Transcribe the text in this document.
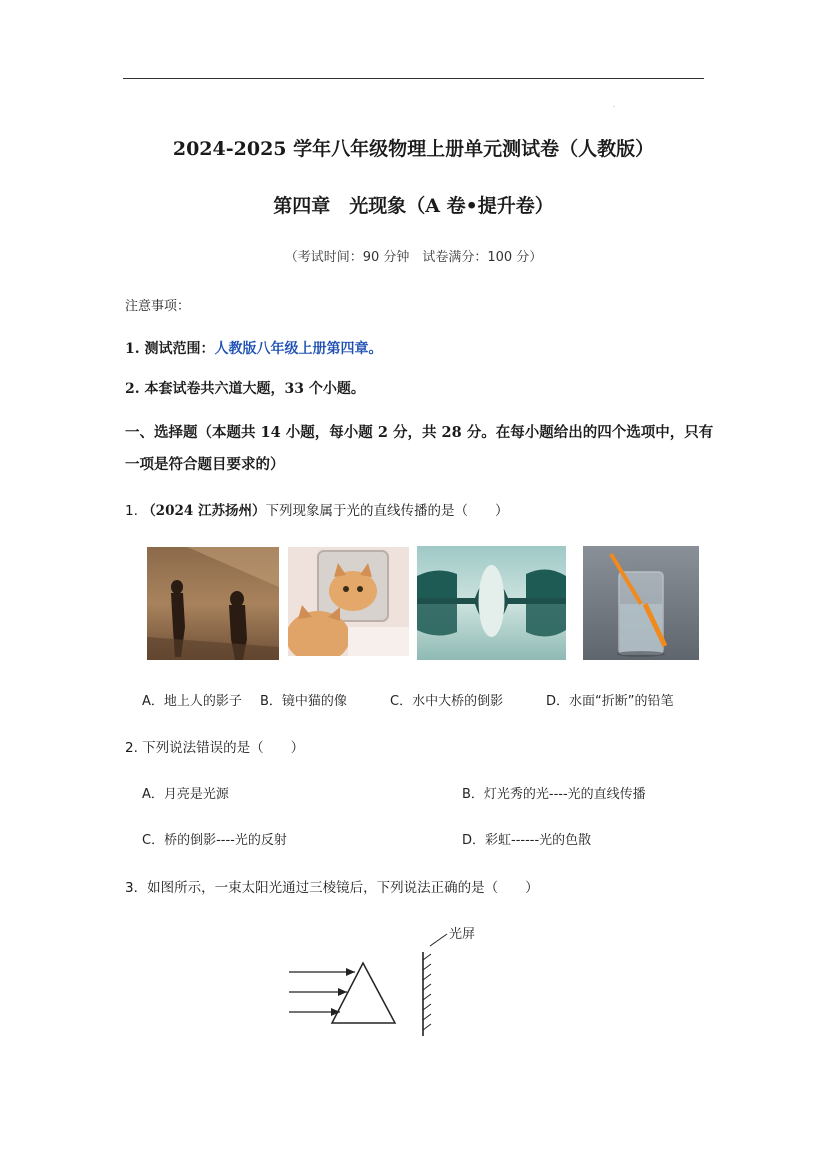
·
2024-2025 学年八年级物理上册单元测试卷（人教版）
第四章　光现象（A 卷•提升卷）
（考试时间：90 分钟　试卷满分：100 分）
注意事项：
1. 测试范围：人教版八年级上册第四章。
2. 本套试卷共六道大题，33 个小题。
一、选择题（本题共 14 小题，每小题 2 分，共 28 分。在每小题给出的四个选项中，只有
一项是符合题目要求的）
1. （2024 江苏扬州）下列现象属于光的直线传播的是（　　）
A．地上人的影子 B．镜中猫的像	C．水中大桥的倒影	D．水面“折断”的铅笔
2. 下列说法错误的是（　　）
A．月亮是光源	B．灯光秀的光----光的直线传播
C．桥的倒影----光的反射	D．彩虹------光的色散
3．如图所示，一束太阳光通过三棱镜后，下列说法正确的是（　　）
光屏
